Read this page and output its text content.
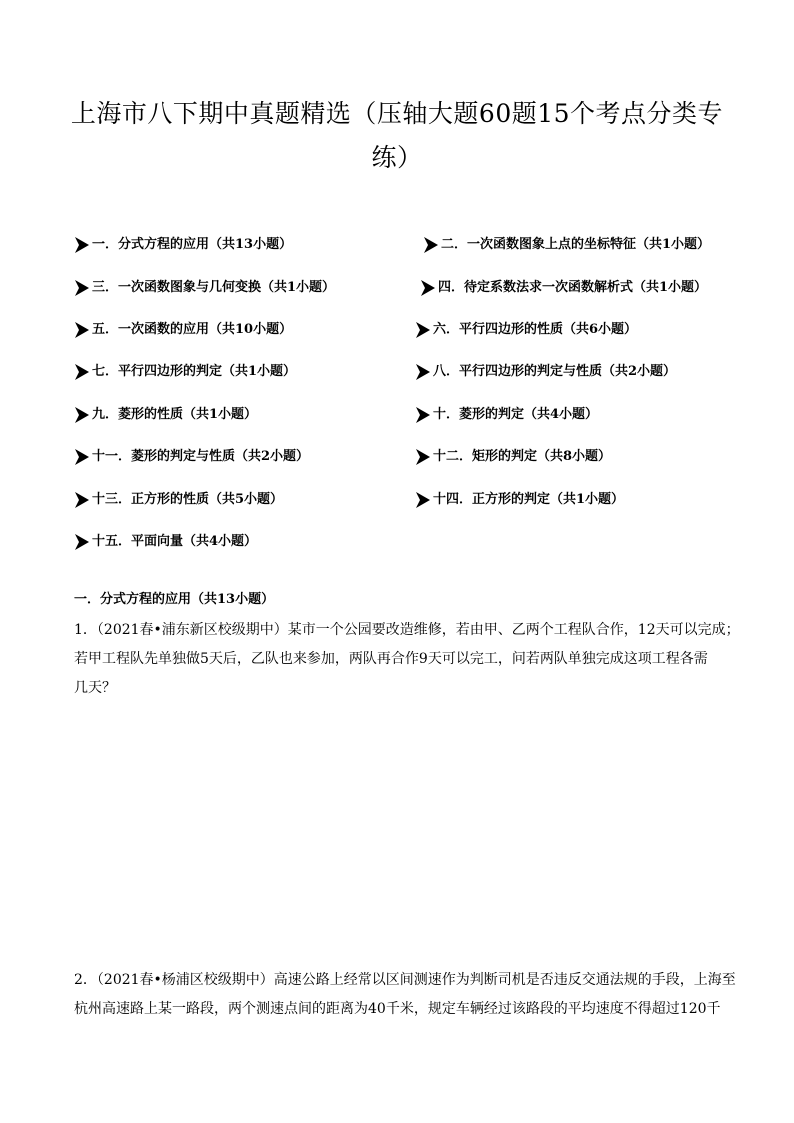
上海市八下期中真题精选（压轴大题60题15个考点分类专
练）
一．分式方程的应用（共13小题）	二．一次函数图象上点的坐标特征（共1小题）
三．一次函数图象与几何变换（共1小题）	四．待定系数法求一次函数解析式（共1小题）
五．一次函数的应用（共10小题）	六．平行四边形的性质（共6小题）
七．平行四边形的判定（共1小题）	八．平行四边形的判定与性质（共2小题）
九．菱形的性质（共1小题）	十．菱形的判定（共4小题）
十一．菱形的判定与性质（共2小题）	十二．矩形的判定（共8小题）
十三．正方形的性质（共5小题）	十四．正方形的判定（共1小题）
十五．平面向量（共4小题）
一．分式方程的应用（共13小题）
1．（2021春•浦东新区校级期中）某市一个公园要改造维修，若由甲、乙两个工程队合作，12天可以完成；
若甲工程队先单独做5天后，乙队也来参加，两队再合作9天可以完工，问若两队单独完成这项工程各需
几天？
2．（2021春•杨浦区校级期中）高速公路上经常以区间测速作为判断司机是否违反交通法规的手段，上海至
杭州高速路上某一路段，两个测速点间的距离为40千米，规定车辆经过该路段的平均速度不得超过120千
